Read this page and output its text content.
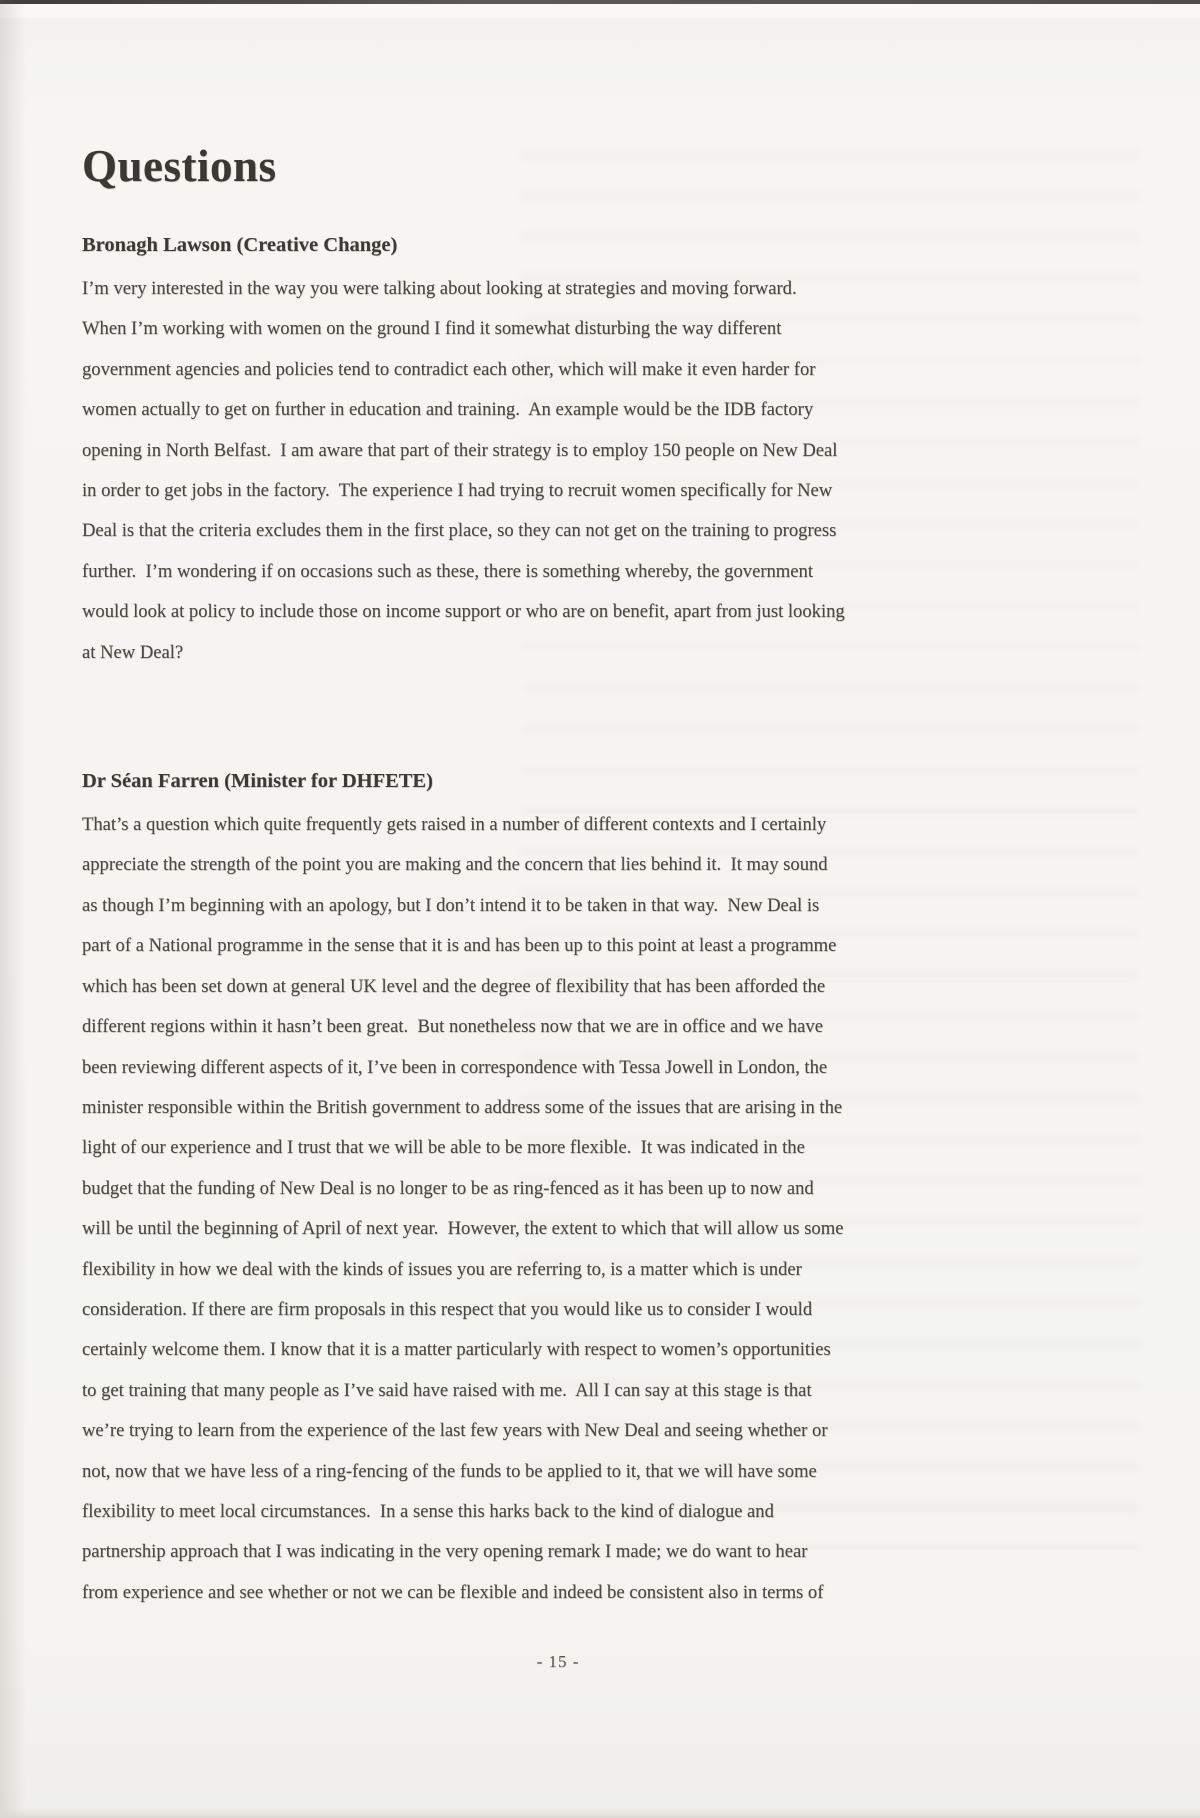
Questions
Bronagh Lawson (Creative Change)
I’m very interested in the way you were talking about looking at strategies and moving forward.
When I’m working with women on the ground I find it somewhat disturbing the way different
government agencies and policies tend to contradict each other, which will make it even harder for
women actually to get on further in education and training.  An example would be the IDB factory
opening in North Belfast.  I am aware that part of their strategy is to employ 150 people on New Deal
in order to get jobs in the factory.  The experience I had trying to recruit women specifically for New
Deal is that the criteria excludes them in the first place, so they can not get on the training to progress
further.  I’m wondering if on occasions such as these, there is something whereby, the government
would look at policy to include those on income support or who are on benefit, apart from just looking
at New Deal?
Dr Séan Farren (Minister for DHFETE)
That’s a question which quite frequently gets raised in a number of different contexts and I certainly
appreciate the strength of the point you are making and the concern that lies behind it.  It may sound
as though I’m beginning with an apology, but I don’t intend it to be taken in that way.  New Deal is
part of a National programme in the sense that it is and has been up to this point at least a programme
which has been set down at general UK level and the degree of flexibility that has been afforded the
different regions within it hasn’t been great.  But nonetheless now that we are in office and we have
been reviewing different aspects of it, I’ve been in correspondence with Tessa Jowell in London, the
minister responsible within the British government to address some of the issues that are arising in the
light of our experience and I trust that we will be able to be more flexible.  It was indicated in the
budget that the funding of New Deal is no longer to be as ring-fenced as it has been up to now and
will be until the beginning of April of next year.  However, the extent to which that will allow us some
flexibility in how we deal with the kinds of issues you are referring to, is a matter which is under
consideration. If there are firm proposals in this respect that you would like us to consider I would
certainly welcome them. I know that it is a matter particularly with respect to women’s opportunities
to get training that many people as I’ve said have raised with me.  All I can say at this stage is that
we’re trying to learn from the experience of the last few years with New Deal and seeing whether or
not, now that we have less of a ring-fencing of the funds to be applied to it, that we will have some
flexibility to meet local circumstances.  In a sense this harks back to the kind of dialogue and
partnership approach that I was indicating in the very opening remark I made; we do want to hear
from experience and see whether or not we can be flexible and indeed be consistent also in terms of
- 15 -
